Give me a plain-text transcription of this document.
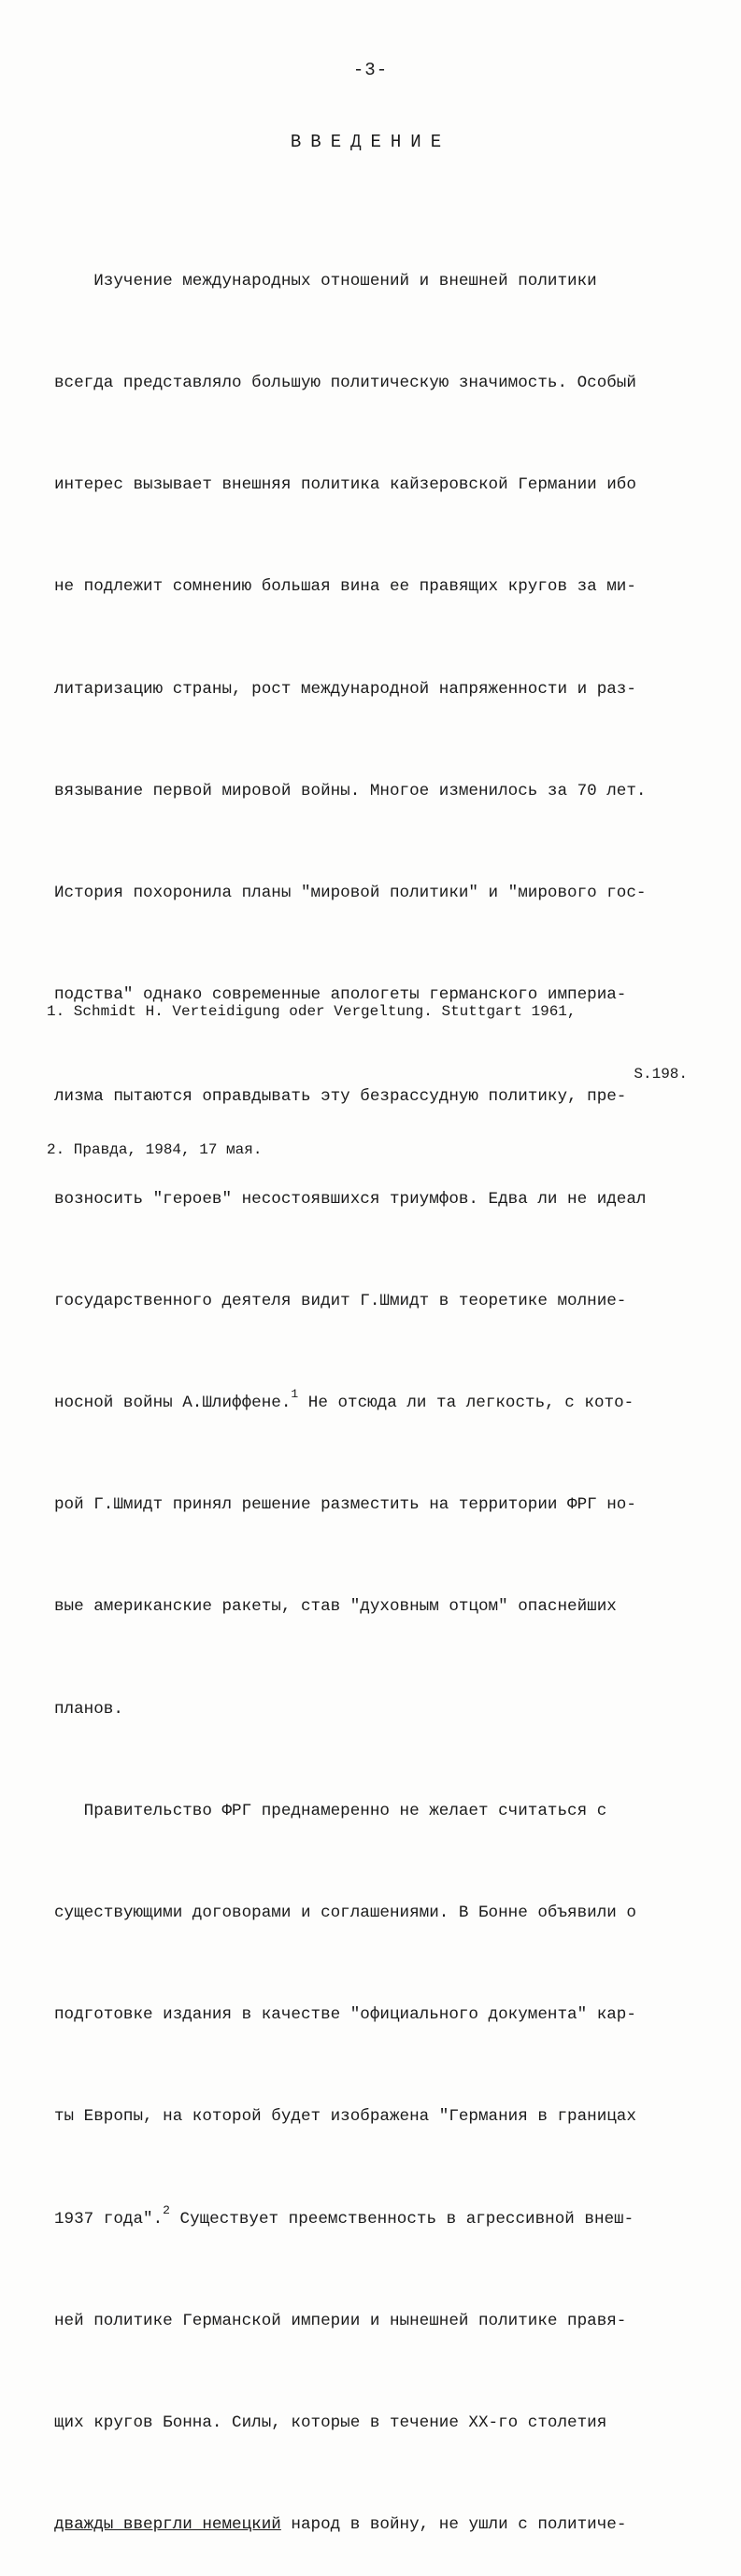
-3-
ВВЕДЕНИЕ

Изучение международных отношений и внешней политики

всегда представляло большую политическую значимость. Особый

интерес вызывает внешняя политика кайзеровской Германии ибо

не подлежит сомнению большая вина ее правящих кругов за ми-

литаризацию страны, рост международной напряженности и раз-

вязывание первой мировой войны. Многое изменилось за 70 лет.

История похоронила планы "мировой политики" и "мирового гос-

подства" однако современные апологеты германского империа-

лизма пытаются оправдывать эту безрассудную политику, пре-

возносить "героев" несостоявшихся триумфов. Едва ли не идеал

государственного деятеля видит Г.Шмидт в теоретике молние-

носной войны А.Шлиффене.$^1$ Не отсюда ли та легкость, с кото-

рой Г.Шмидт принял решение разместить на территории ФРГ но-

вые американские ракеты, став "духовным отцом" опаснейших

планов.

Правительство ФРГ преднамеренно не желает считаться с

существующими договорами и соглашениями. В Бонне объявили о

подготовке издания в качестве "официального документа" кар-

ты Европы, на которой будет изображена "Германия в границах

1937 года".$^2$ Существует преемственность в агрессивной внеш-

ней политике Германской империи и нынешней политике правя-

щих кругов Бонна. Силы, которые в течение XX-го столетия

дважды ввергли немецкий народ в войну, не ушли с политиче-

1. Schmidt H. Verteidigung oder Vergeltung. Stuttgart 1961,

S.198.

2. Правда, 1984, 17 мая.
